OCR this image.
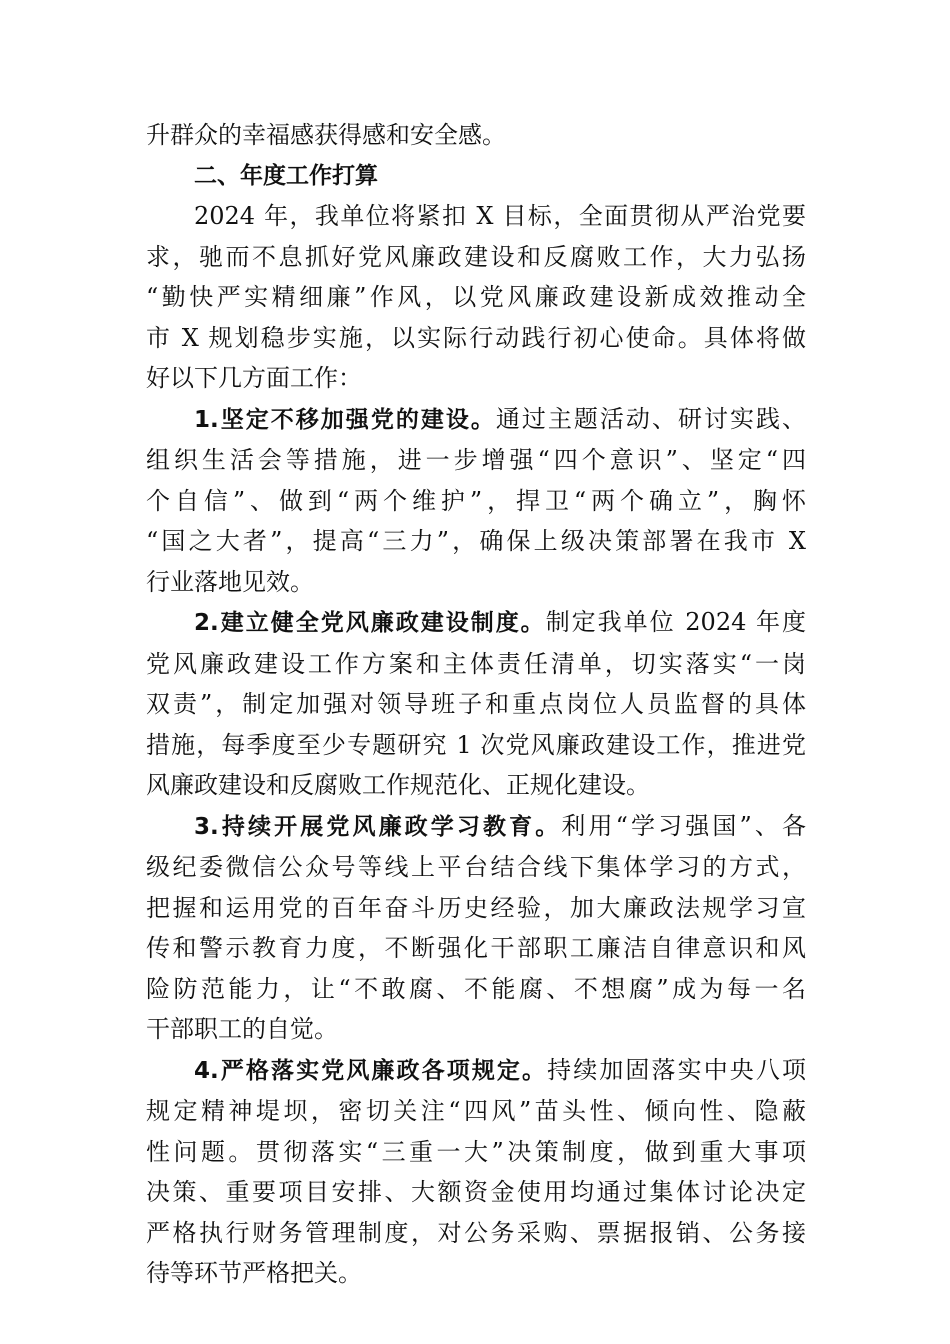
升群众的幸福感获得感和安全感。
二、年度工作打算
2024 年，我单位将紧扣 X 目标，全面贯彻从严治党要
求，驰而不息抓好党风廉政建设和反腐败工作，大力弘扬
“勤快严实精细廉”作风，以党风廉政建设新成效推动全
市 X 规划稳步实施，以实际行动践行初心使命。具体将做
好以下几方面工作：
1.坚定不移加强党的建设。通过主题活动、研讨实践、
组织生活会等措施，进一步增强“四个意识”、坚定“四
个自信”、做到“两个维护”，捍卫“两个确立”，胸怀
“国之大者”，提高“三力”，确保上级决策部署在我市 X
行业落地见效。
2.建立健全党风廉政建设制度。制定我单位 2024 年度
党风廉政建设工作方案和主体责任清单，切实落实“一岗
双责”，制定加强对领导班子和重点岗位人员监督的具体
措施，每季度至少专题研究 1 次党风廉政建设工作，推进党
风廉政建设和反腐败工作规范化、正规化建设。
3.持续开展党风廉政学习教育。利用“学习强国”、各
级纪委微信公众号等线上平台结合线下集体学习的方式，
把握和运用党的百年奋斗历史经验，加大廉政法规学习宣
传和警示教育力度，不断强化干部职工廉洁自律意识和风
险防范能力，让“不敢腐、不能腐、不想腐”成为每一名
干部职工的自觉。
4.严格落实党风廉政各项规定。持续加固落实中央八项
规定精神堤坝，密切关注“四风”苗头性、倾向性、隐蔽
性问题。贯彻落实“三重一大”决策制度，做到重大事项
决策、重要项目安排、大额资金使用均通过集体讨论决定
严格执行财务管理制度，对公务采购、票据报销、公务接
待等环节严格把关。
